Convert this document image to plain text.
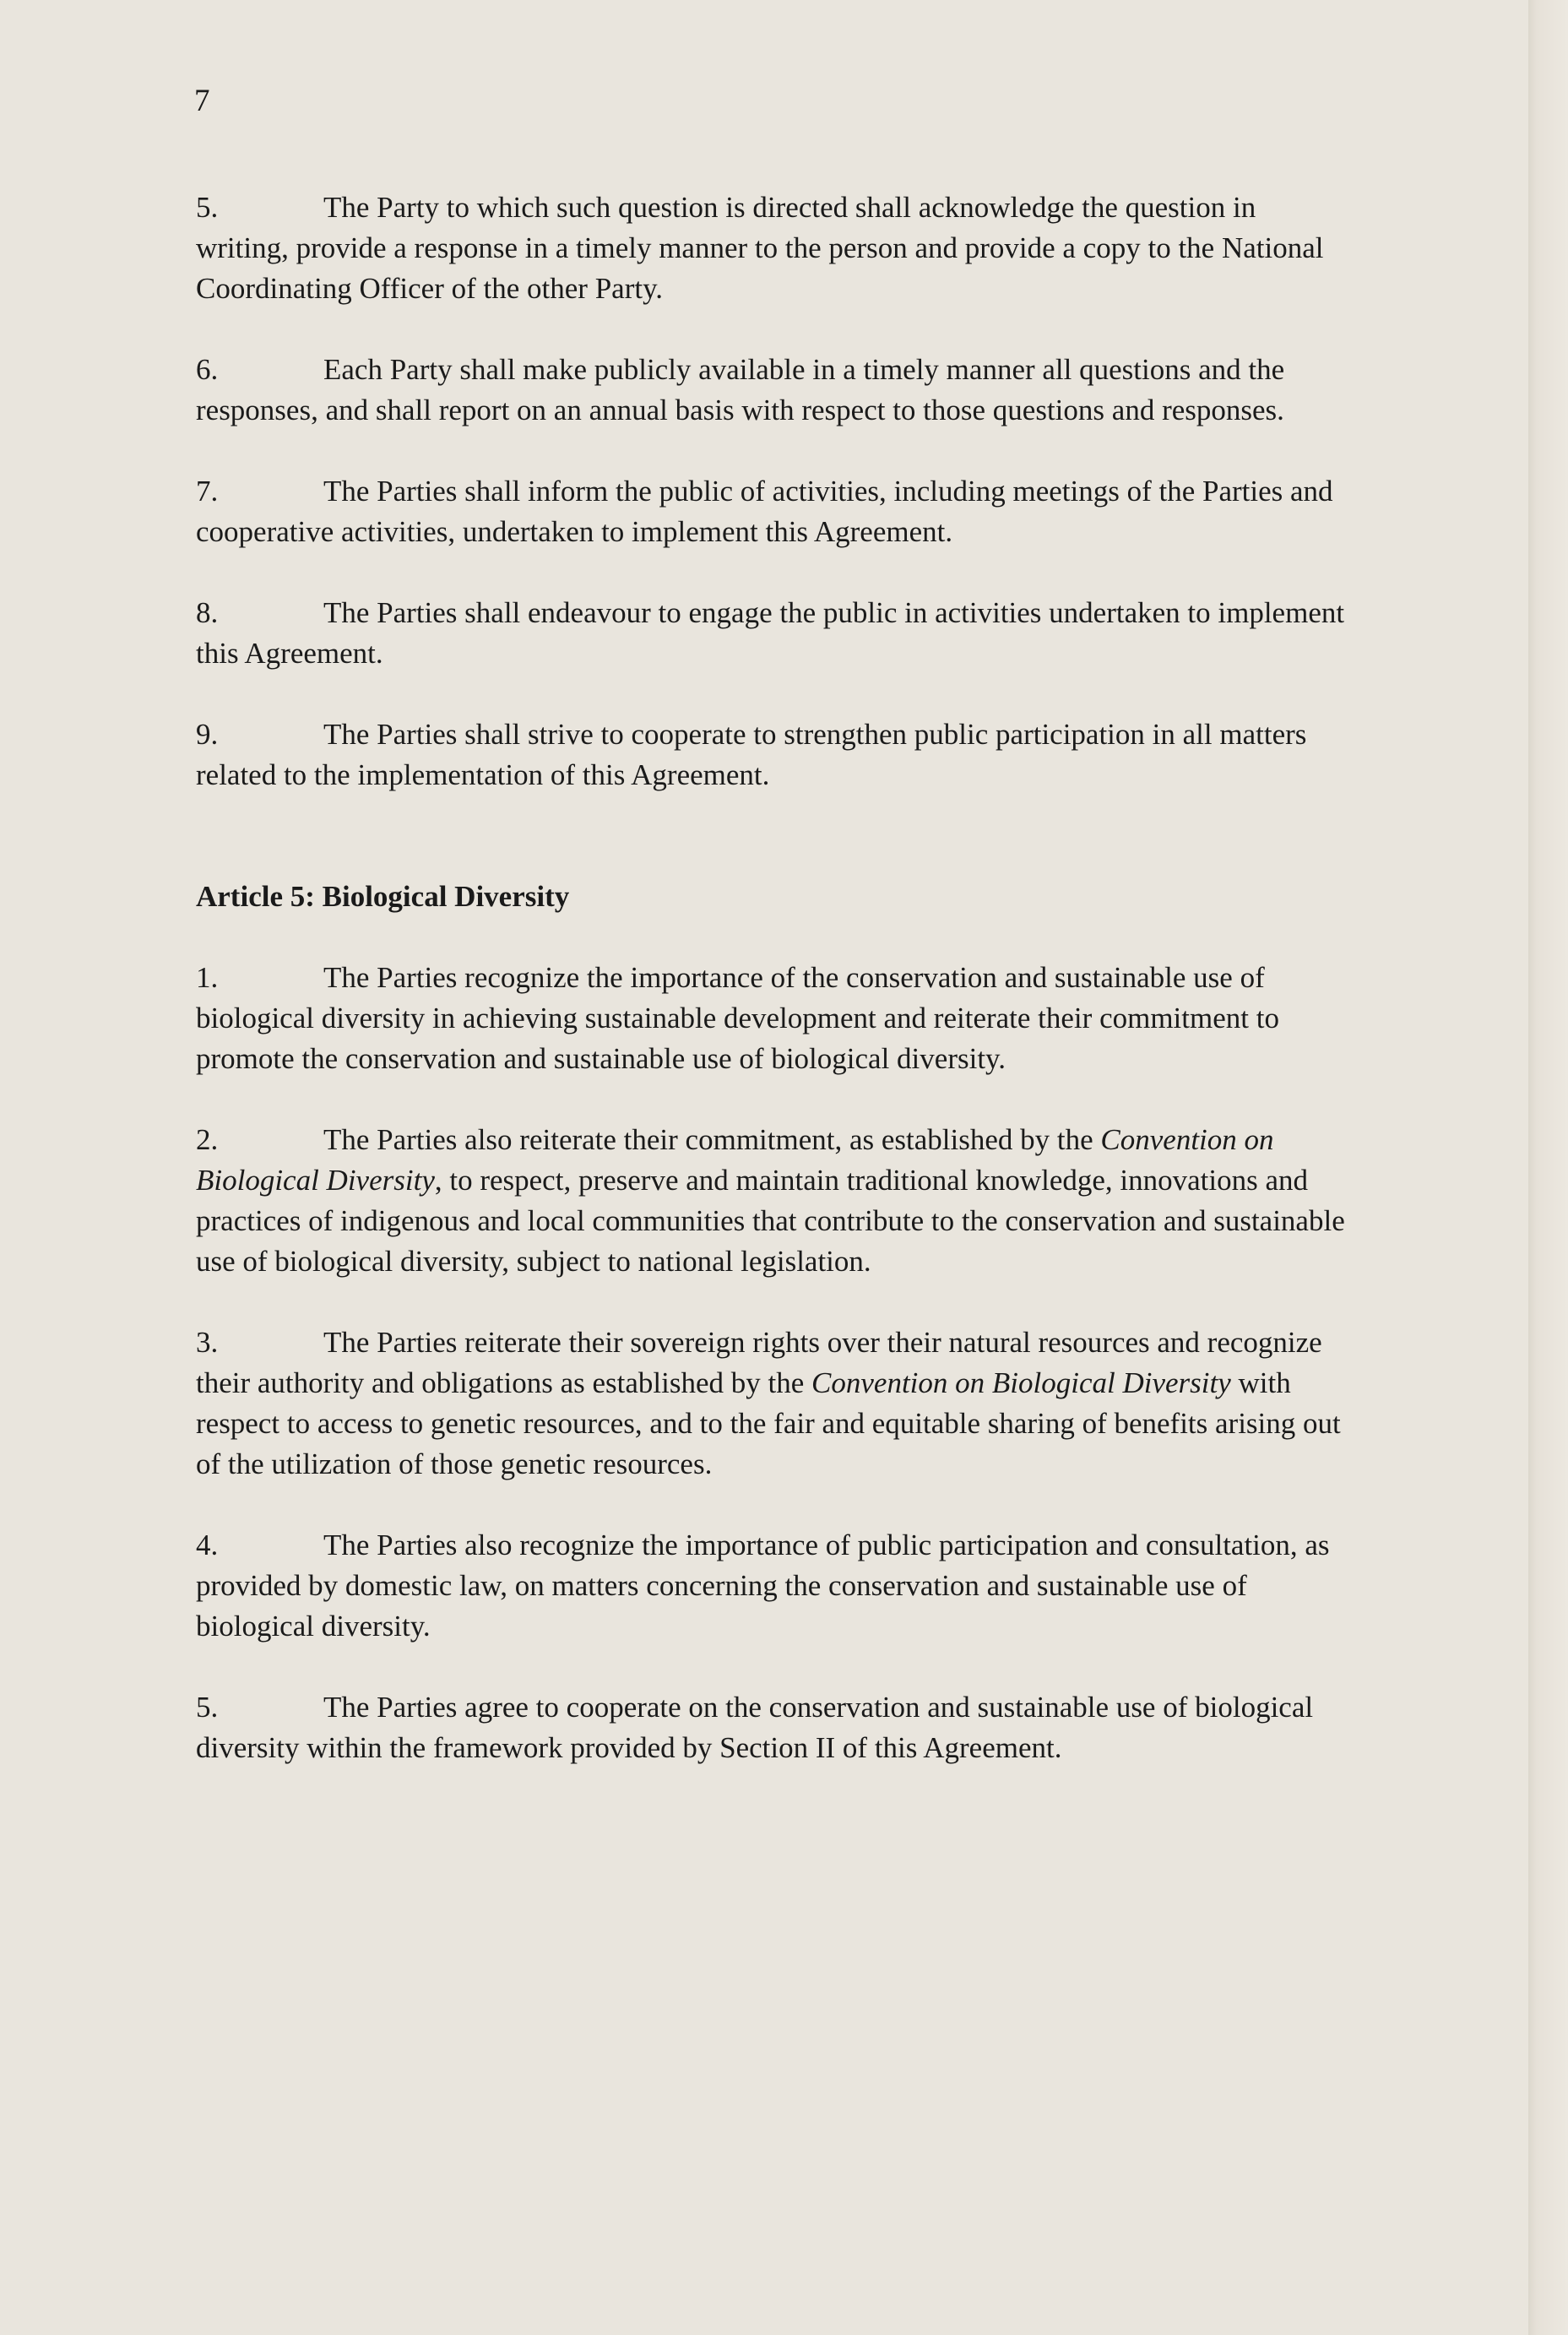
7

5.	The Party to which such question is directed shall acknowledge the question in writing, provide a response in a timely manner to the person and provide a copy to the National Coordinating Officer of the other Party.

6.	Each Party shall make publicly available in a timely manner all questions and the responses, and shall report on an annual basis with respect to those questions and responses.

7.	The Parties shall inform the public of activities, including meetings of the Parties and cooperative activities, undertaken to implement this Agreement.

8.	The Parties shall endeavour to engage the public in activities undertaken to implement this Agreement.

9.	The Parties shall strive to cooperate to strengthen public participation in all matters related to the implementation of this Agreement.

Article 5: Biological Diversity

1.	The Parties recognize the importance of the conservation and sustainable use of biological diversity in achieving sustainable development and reiterate their commitment to promote the conservation and sustainable use of biological diversity.

2.	The Parties also reiterate their commitment, as established by the Convention on Biological Diversity, to respect, preserve and maintain traditional knowledge, innovations and practices of indigenous and local communities that contribute to the conservation and sustainable use of biological diversity, subject to national legislation.

3.	The Parties reiterate their sovereign rights over their natural resources and recognize their authority and obligations as established by the Convention on Biological Diversity with respect to access to genetic resources, and to the fair and equitable sharing of benefits arising out of the utilization of those genetic resources.

4.	The Parties also recognize the importance of public participation and consultation, as provided by domestic law, on matters concerning the conservation and sustainable use of biological diversity.

5.	The Parties agree to cooperate on the conservation and sustainable use of biological diversity within the framework provided by Section II of this Agreement.
